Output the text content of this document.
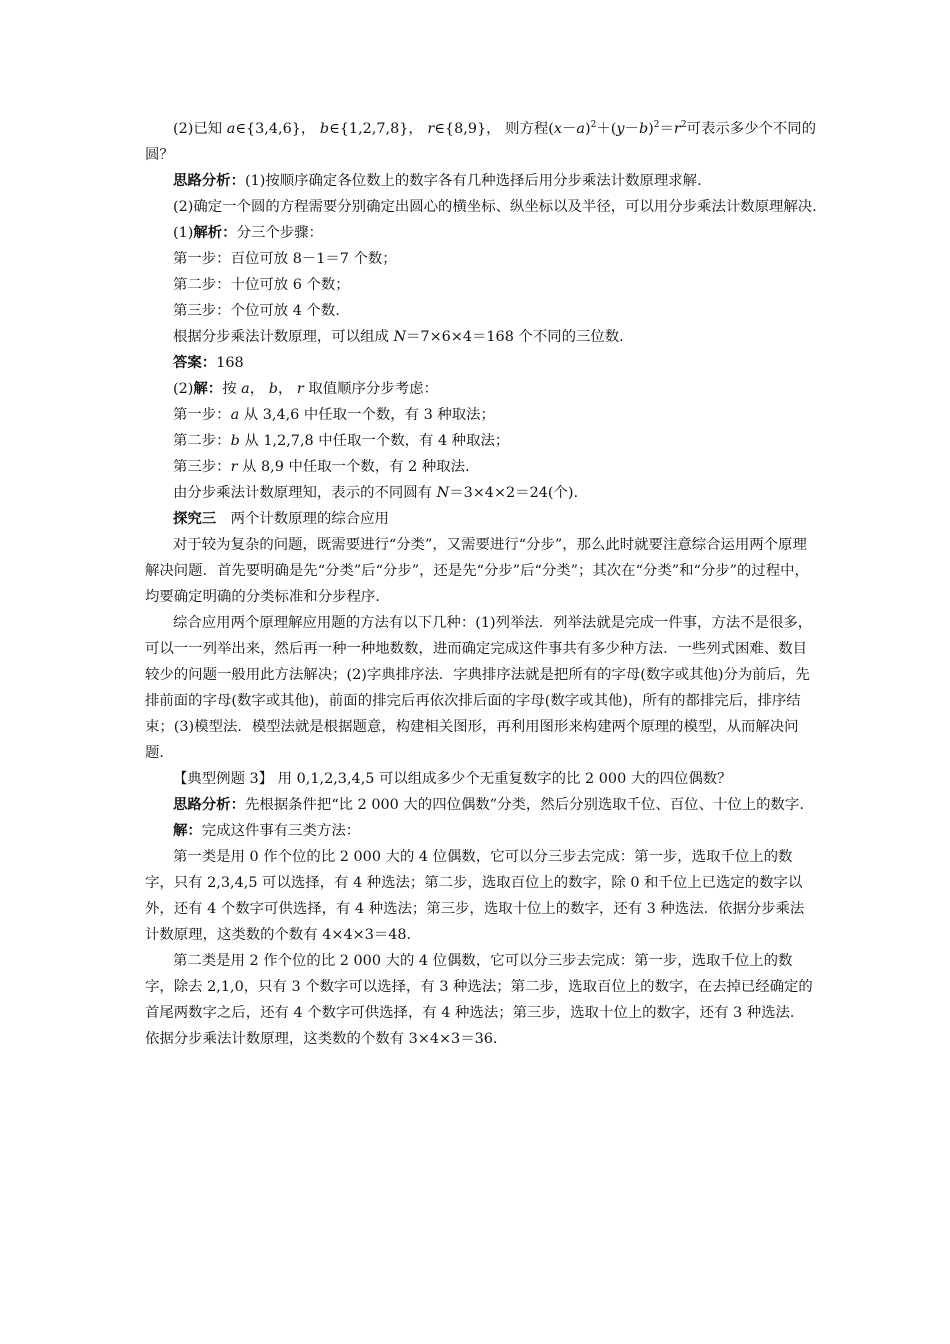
(2)已知 a∈{3,4,6}， b∈{1,2,7,8}， r∈{8,9}， 则方程$(x-a)^2+(y-b)^2=r^2$可表示多少个不同的圆？

思路分析：(1)按顺序确定各位数上的数字各有几种选择后用分步乘法计数原理求解.

(2)确定一个圆的方程需要分别确定出圆心的横坐标、纵坐标以及半径，可以用分步乘法计数原理解决.

(1)解析：分三个步骤：

第一步：百位可放 8－1＝7 个数；

第二步：十位可放 6 个数；

第三步：个位可放 4 个数.

根据分步乘法计数原理，可以组成 N＝7×6×4＝168 个不同的三位数.

答案：168

(2)解：按 a， b， r 取值顺序分步考虑：

第一步：a 从 3,4,6 中任取一个数，有 3 种取法；

第二步：b 从 1,2,7,8 中任取一个数，有 4 种取法；

第三步：r 从 8,9 中任取一个数，有 2 种取法.

由分步乘法计数原理知，表示的不同圆有 N＝3×4×2＝24(个).

探究三　 两个计数原理的综合应用

对于较为复杂的问题，既需要进行“分类”，又需要进行“分步”，那么此时就要注意综合运用两个原理解决问题．首先要明确是先“分类”后“分步”，还是先“分步”后“分类”；其次在“分类”和“分步”的过程中，均要确定明确的分类标准和分步程序.

综合应用两个原理解应用题的方法有以下几种：(1)列举法．列举法就是完成一件事，方法不是很多，可以一一列举出来，然后再一种一种地数数，进而确定完成这件事共有多少种方法．一些列式困难、数目较少的问题一般用此方法解决；(2)字典排序法．字典排序法就是把所有的字母(数字或其他)分为前后，先排前面的字母(数字或其他)，前面的排完后再依次排后面的字母(数字或其他)，所有的都排完后，排序结束；(3)模型法．模型法就是根据题意，构建相关图形，再利用图形来构建两个原理的模型，从而解决问题.

【典型例题 3】 用 0,1,2,3,4,5 可以组成多少个无重复数字的比 2 000 大的四位偶数？

思路分析：先根据条件把“比 2 000 大的四位偶数”分类，然后分别选取千位、百位、十位上的数字.

解：完成这件事有三类方法：

第一类是用 0 作个位的比 2 000 大的 4 位偶数，它可以分三步去完成：第一步，选取千位上的数字，只有 2,3,4,5 可以选择，有 4 种选法；第二步，选取百位上的数字，除 0 和千位上已选定的数字以外，还有 4 个数字可供选择，有 4 种选法；第三步，选取十位上的数字，还有 3 种选法．依据分步乘法计数原理，这类数的个数有 4×4×3＝48.

第二类是用 2 作个位的比 2 000 大的 4 位偶数，它可以分三步去完成：第一步，选取千位上的数字，除去 2,1,0，只有 3 个数字可以选择，有 3 种选法；第二步，选取百位上的数字，在去掉已经确定的首尾两数字之后，还有 4 个数字可供选择，有 4 种选法；第三步，选取十位上的数字，还有 3 种选法．依据分步乘法计数原理，这类数的个数有 3×4×3＝36.
